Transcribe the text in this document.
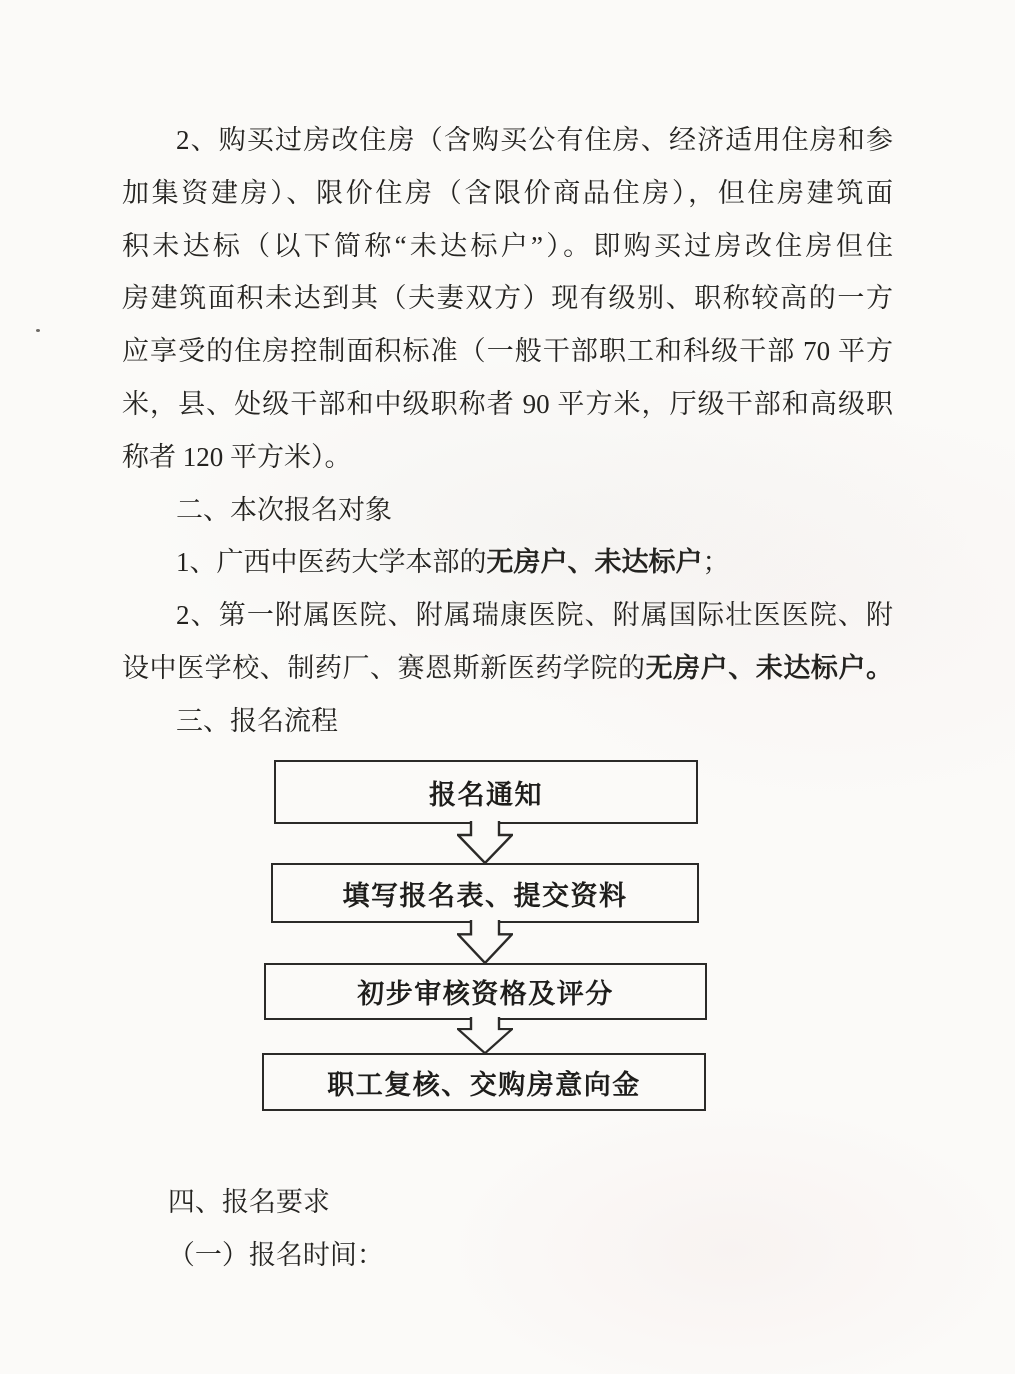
2、购买过房改住房（含购买公有住房、经济适用住房和参
加集资建房）、限价住房（含限价商品住房），但住房建筑面
积未达标（以下简称“未达标户”）。即购买过房改住房但住
房建筑面积未达到其（夫妻双方）现有级别、职称较高的一方
应享受的住房控制面积标准（一般干部职工和科级干部 70 平方
米，县、处级干部和中级职称者 90 平方米，厅级干部和高级职
称者 120 平方米）。
二、本次报名对象
1、广西中医药大学本部的无房户、未达标户；
2、第一附属医院、附属瑞康医院、附属国际壮医医院、附
设中医学校、制药厂、赛恩斯新医药学院的无房户、未达标户。
三、报名流程
报名通知
填写报名表、提交资料
初步审核资格及评分
职工复核、交购房意向金
四、报名要求
（一）报名时间：
